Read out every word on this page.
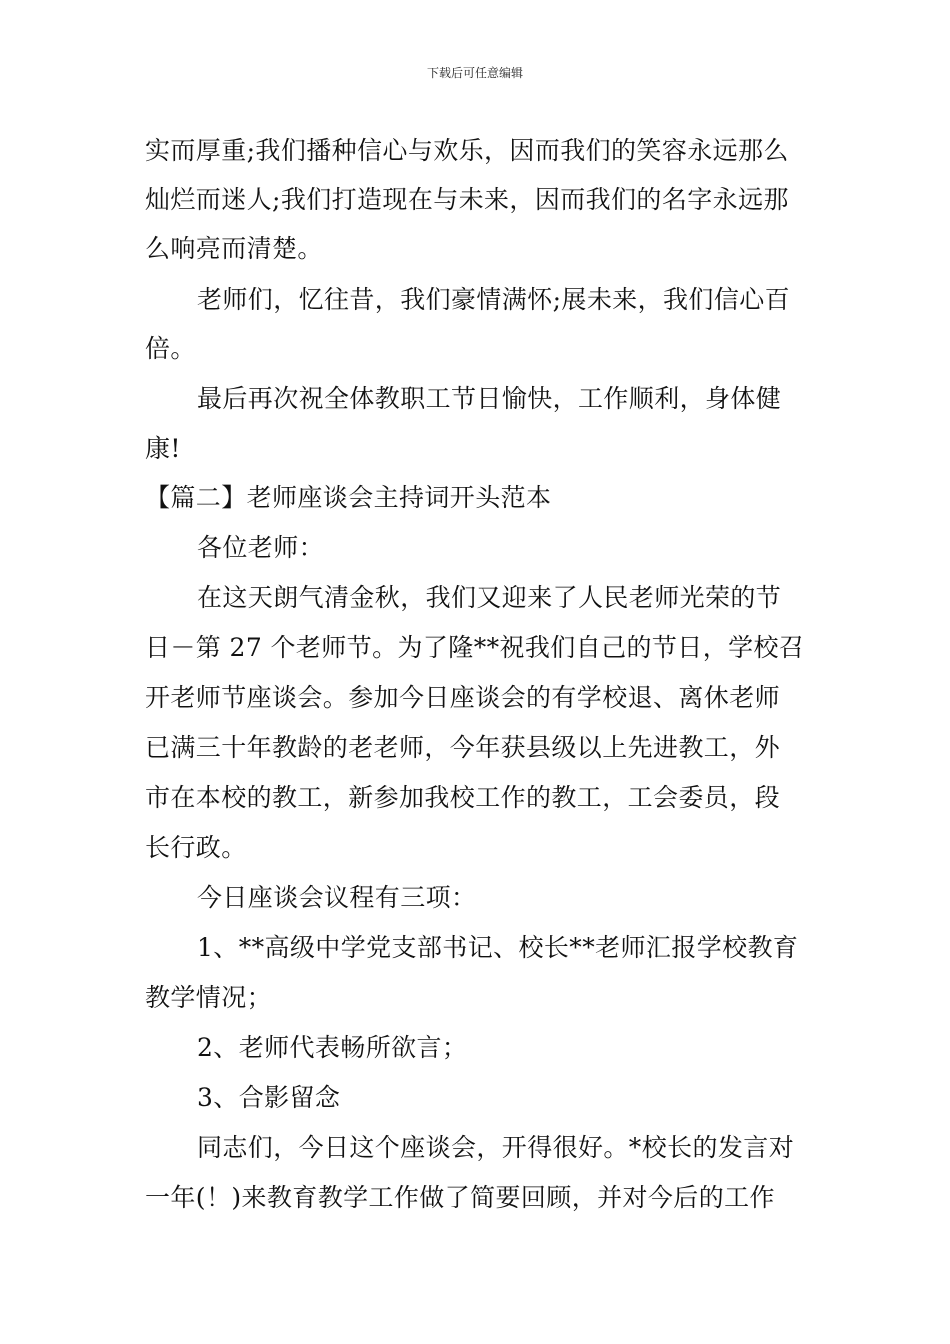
下载后可任意编辑
实而厚重;我们播种信心与欢乐，因而我们的笑容永远那么
灿烂而迷人;我们打造现在与未来，因而我们的名字永远那
么响亮而清楚。
老师们，忆往昔，我们豪情满怀;展未来，我们信心百
倍。
最后再次祝全体教职工节日愉快，工作顺利，身体健
康!
【篇二】老师座谈会主持词开头范本
各位老师：
在这天朗气清金秋，我们又迎来了人民老师光荣的节
日－第 27 个老师节。为了隆**祝我们自己的节日，学校召
开老师节座谈会。参加今日座谈会的有学校退、离休老师
已满三十年教龄的老老师，今年获县级以上先进教工，外
市在本校的教工，新参加我校工作的教工，工会委员，段
长行政。
今日座谈会议程有三项：
1、**高级中学党支部书记、校长**老师汇报学校教育
教学情况；
2、老师代表畅所欲言；
3、合影留念
同志们，今日这个座谈会，开得很好。*校长的发言对
一年(！)来教育教学工作做了简要回顾，并对今后的工作
